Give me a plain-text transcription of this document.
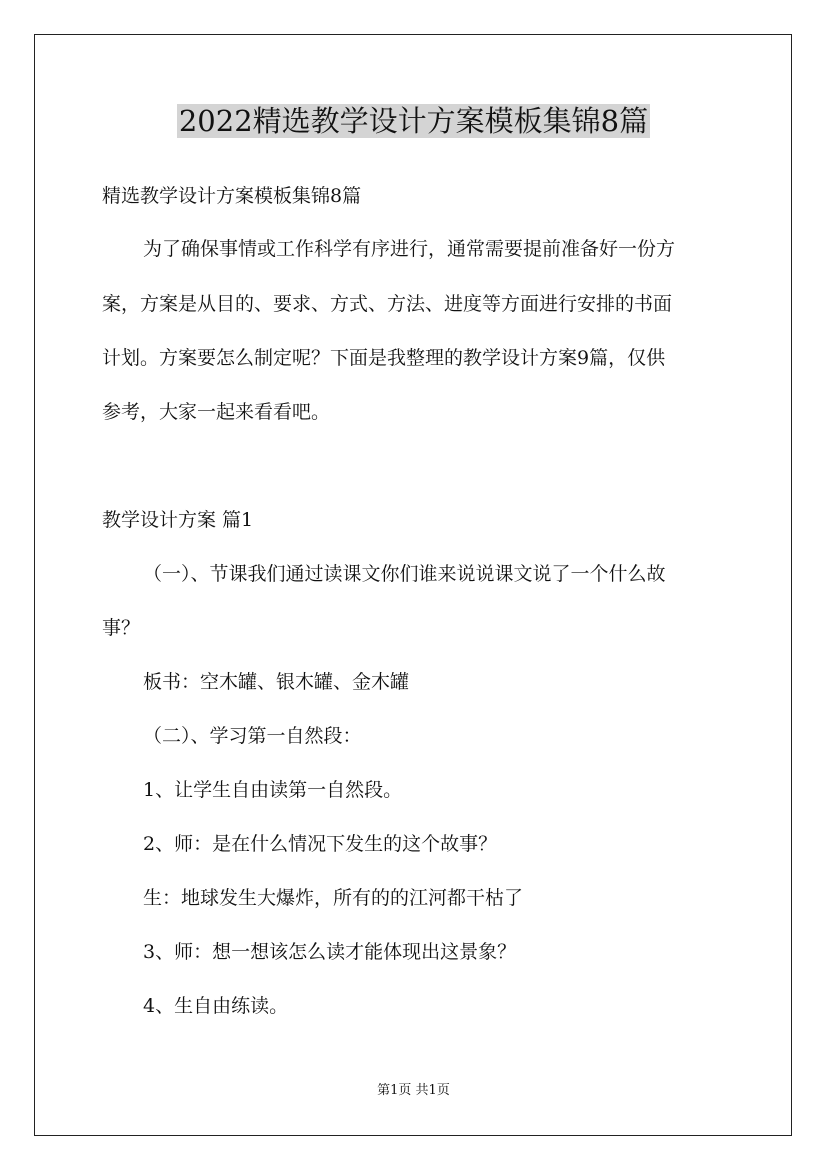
2022精选教学设计方案模板集锦8篇
精选教学设计方案模板集锦8篇
为了确保事情或工作科学有序进行，通常需要提前准备好一份方
案，方案是从目的、要求、方式、方法、进度等方面进行安排的书面
计划。方案要怎么制定呢？下面是我整理的教学设计方案9篇，仅供
参考，大家一起来看看吧。
教学设计方案 篇1
（一）、节课我们通过读课文你们谁来说说课文说了一个什么故
事？
板书：空木罐、银木罐、金木罐
（二）、学习第一自然段：
1、让学生自由读第一自然段。
2、师：是在什么情况下发生的这个故事？
生：地球发生大爆炸，所有的的江河都干枯了
3、师：想一想该怎么读才能体现出这景象？
4、生自由练读。
第1页 共1页
